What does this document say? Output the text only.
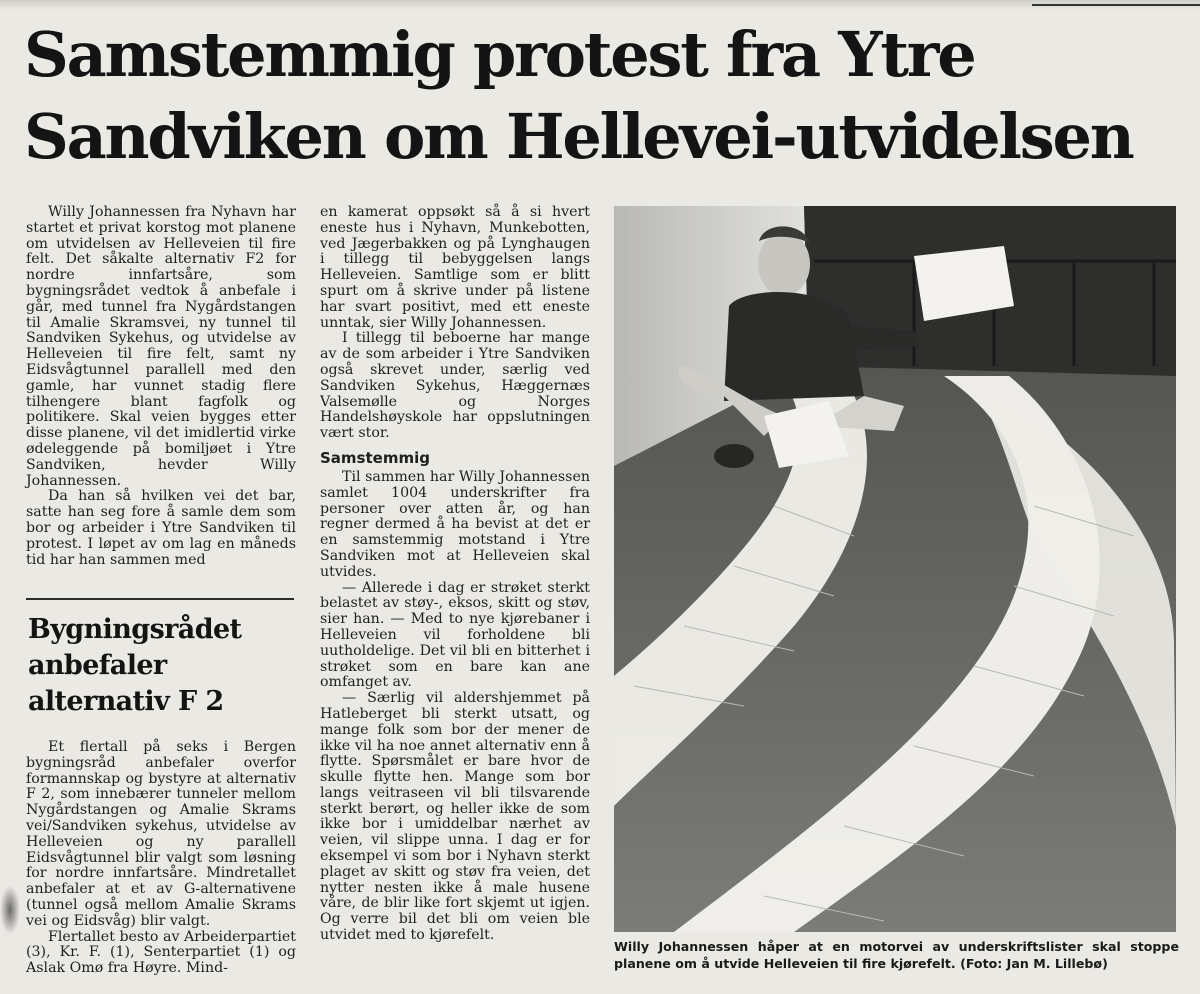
Samstemmig protest fra Ytre Sandviken om Hellevei-utvidelsen

Willy Johannessen fra Nyhavn har startet et privat korstog mot planene om utvidelsen av Helleveien til fire felt. Det såkalte alternativ F2 for nordre innfartsåre, som bygningsrådet vedtok å anbefale i går, med tunnel fra Nygårdstangen til Amalie Skramsvei, ny tunnel til Sandviken Sykehus, og utvidelse av Helleveien til fire felt, samt ny Eidsvågtunnel parallell med den gamle, har vunnet stadig flere tilhengere blant fagfolk og politikere. Skal veien bygges etter disse planene, vil det imidlertid virke ødeleggende på bomiljøet i Ytre Sandviken, hevder Willy Johannessen.

Da han så hvilken vei det bar, satte han seg fore å samle dem som bor og arbeider i Ytre Sandviken til protest. I løpet av om lag en måneds tid har han sammen med

Bygningsrådet anbefaler alternativ F 2

Et flertall på seks i Bergen bygningsråd anbefaler overfor formannskap og bystyre at alternativ F 2, som innebærer tunneler mellom Nygårdstangen og Amalie Skrams vei/Sandviken sykehus, utvidelse av Helleveien og ny parallell Eidsvågtunnel blir valgt som løsning for nordre innfartsåre. Mindretallet anbefaler at et av G-alternativene (tunnel også mellom Amalie Skrams vei og Eidsvåg) blir valgt.

Flertallet besto av Arbeiderpartiet (3), Kr. F. (1), Senterpartiet (1) og Aslak Omø fra Høyre. Mind-

en kamerat oppsøkt så å si hvert eneste hus i Nyhavn, Munkebotten, ved Jægerbakken og på Lynghaugen i tillegg til bebyggelsen langs Helleveien. Samtlige som er blitt spurt om å skrive under på listene har svart positivt, med ett eneste unntak, sier Willy Johannessen.

I tillegg til beboerne har mange av de som arbeider i Ytre Sandviken også skrevet under, særlig ved Sandviken Sykehus, Hæggernæs Valsemølle og Norges Handelshøyskole har oppslutningen vært stor.

Samstemmig

Til sammen har Willy Johannessen samlet 1004 underskrifter fra personer over atten år, og han regner dermed å ha bevist at det er en samstemmig motstand i Ytre Sandviken mot at Helleveien skal utvides.

— Allerede i dag er strøket sterkt belastet av støy-, eksos, skitt og støv, sier han. — Med to nye kjørebaner i Helleveien vil forholdene bli uutholdelige. Det vil bli en bitterhet i strøket som en bare kan ane omfanget av.

— Særlig vil aldershjemmet på Hatleberget bli sterkt utsatt, og mange folk som bor der mener de ikke vil ha noe annet alternativ enn å flytte. Spørsmålet er bare hvor de skulle flytte hen. Mange som bor langs veitraseen vil bli tilsvarende sterkt berørt, og heller ikke de som ikke bor i umiddelbar nærhet av veien, vil slippe unna. I dag er for eksempel vi som bor i Nyhavn sterkt plaget av skitt og støv fra veien, det nytter nesten ikke å male husene våre, de blir like fort skjemt ut igjen. Og verre bil det bli om veien ble utvidet med to kjørefelt.

Willy Johannessen håper at en motorvei av underskriftslister skal stoppe planene om å utvide Helleveien til fire kjørefelt. (Foto: Jan M. Lillebø)
